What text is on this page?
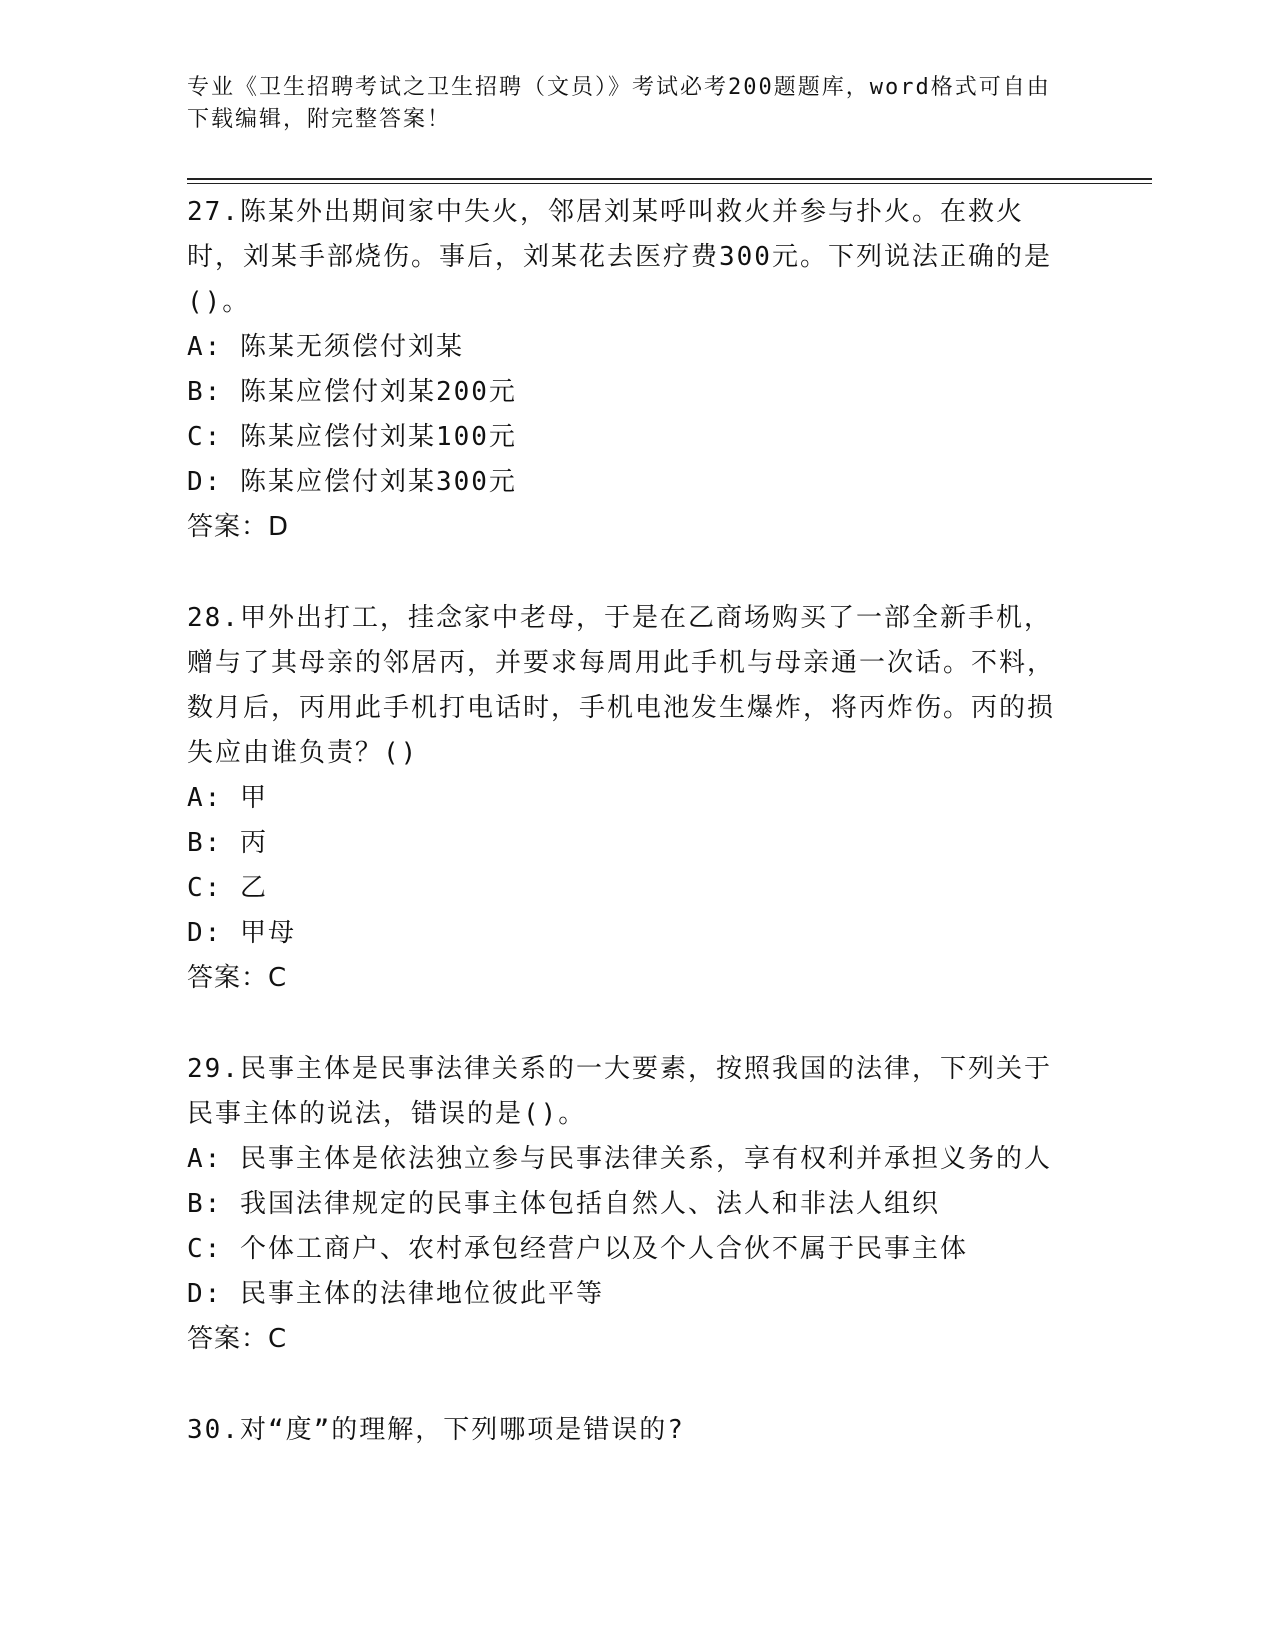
专业《卫生招聘考试之卫生招聘（文员）》考试必考200题题库，word格式可自由下载编辑，附完整答案！
27.陈某外出期间家中失火，邻居刘某呼叫救火并参与扑火。在救火时，刘某手部烧伤。事后，刘某花去医疗费300元。下列说法正确的是()。
A: 陈某无须偿付刘某
B: 陈某应偿付刘某200元
C: 陈某应偿付刘某100元
D: 陈某应偿付刘某300元
答案：D
28.甲外出打工，挂念家中老母，于是在乙商场购买了一部全新手机，赠与了其母亲的邻居丙，并要求每周用此手机与母亲通一次话。不料，数月后，丙用此手机打电话时，手机电池发生爆炸，将丙炸伤。丙的损失应由谁负责？()
A: 甲
B: 丙
C: 乙
D: 甲母
答案：C
29.民事主体是民事法律关系的一大要素，按照我国的法律，下列关于民事主体的说法，错误的是()。
A: 民事主体是依法独立参与民事法律关系，享有权利并承担义务的人
B: 我国法律规定的民事主体包括自然人、法人和非法人组织
C: 个体工商户、农村承包经营户以及个人合伙不属于民事主体
D: 民事主体的法律地位彼此平等
答案：C
30.对“度”的理解，下列哪项是错误的?
